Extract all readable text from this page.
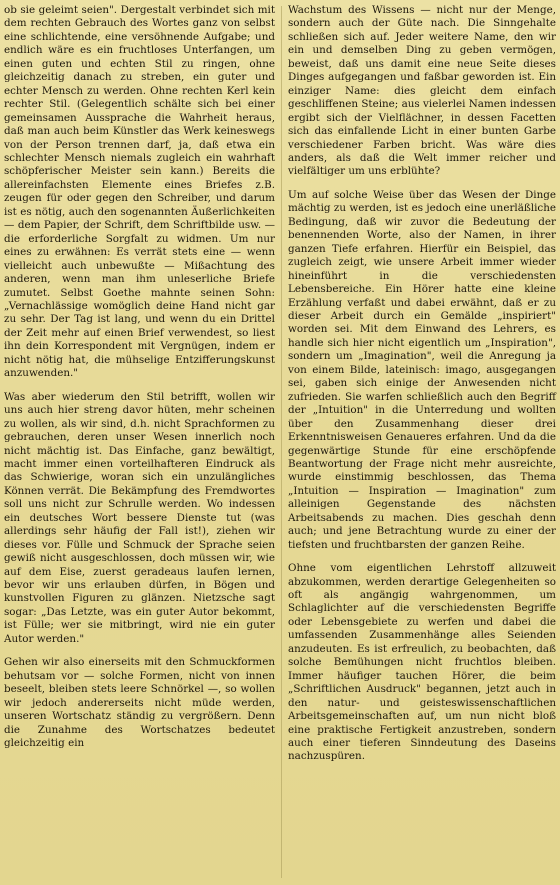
ob sie geleimt seien". Dergestalt verbindet sich mit dem rechten Gebrauch des Wortes ganz von selbst eine schlichtende, eine versöhnende Aufgabe; und endlich wäre es ein fruchtloses Unterfangen, um einen guten und echten Stil zu ringen, ohne gleichzeitig danach zu streben, ein guter und echter Mensch zu werden. Ohne rechten Kerl kein rechter Stil. (Gelegentlich schälte sich bei einer gemeinsamen Aussprache die Wahrheit heraus, daß man auch beim Künstler das Werk keineswegs von der Person trennen darf, ja, daß etwa ein schlechter Mensch niemals zugleich ein wahrhaft schöpferischer Meister sein kann.) Bereits die allereinfachsten Elemente eines Briefes z.B. zeugen für oder gegen den Schreiber, und darum ist es nötig, auch den sogenannten Äußerlichkeiten — dem Papier, der Schrift, dem Schriftbilde usw. — die erforderliche Sorgfalt zu widmen. Um nur eines zu erwähnen: Es verrät stets eine — wenn vielleicht auch unbewußte — Mißachtung des anderen, wenn man ihm unleserliche Briefe zumutet. Selbst Goethe mahnte seinen Sohn: „Vernachlässige womöglich deine Hand nicht gar zu sehr. Der Tag ist lang, und wenn du ein Drittel der Zeit mehr auf einen Brief verwendest, so liest ihn dein Korrespondent mit Vergnügen, indem er nicht nötig hat, die mühselige Entzifferungskunst anzuwenden."

Was aber wiederum den Stil betrifft, wollen wir uns auch hier streng davor hüten, mehr scheinen zu wollen, als wir sind, d.h. nicht Sprachformen zu gebrauchen, deren unser Wesen innerlich noch nicht mächtig ist. Das Einfache, ganz bewältigt, macht immer einen vorteilhafteren Eindruck als das Schwierige, woran sich ein unzulängliches Können verrät. Die Bekämpfung des Fremdwortes soll uns nicht zur Schrulle werden. Wo indessen ein deutsches Wort bessere Dienste tut (was allerdings sehr häufig der Fall ist!), ziehen wir dieses vor. Fülle und Schmuck der Sprache seien gewiß nicht ausgeschlossen, doch müssen wir, wie auf dem Eise, zuerst geradeaus laufen lernen, bevor wir uns erlauben dürfen, in Bögen und kunstvollen Figuren zu glänzen. Nietzsche sagt sogar: „Das Letzte, was ein guter Autor bekommt, ist Fülle; wer sie mitbringt, wird nie ein guter Autor werden."

Gehen wir also einerseits mit den Schmuckformen behutsam vor — solche Formen, nicht von innen beseelt, bleiben stets leere Schnörkel —, so wollen wir jedoch andererseits nicht müde werden, unseren Wortschatz ständig zu vergrößern. Denn die Zunahme des Wortschatzes bedeutet gleichzeitig ein

Wachstum des Wissens — nicht nur der Menge, sondern auch der Güte nach. Die Sinngehalte schließen sich auf. Jeder weitere Name, den wir ein und demselben Ding zu geben vermögen, beweist, daß uns damit eine neue Seite dieses Dinges aufgegangen und faßbar geworden ist. Ein einziger Name: dies gleicht dem einfach geschliffenen Steine; aus vielerlei Namen indessen ergibt sich der Vielflächner, in dessen Facetten sich das einfallende Licht in einer bunten Garbe verschiedener Farben bricht. Was wäre dies anders, als daß die Welt immer reicher und vielfältiger um uns erblühte?

Um auf solche Weise über das Wesen der Dinge mächtig zu werden, ist es jedoch eine unerläßliche Bedingung, daß wir zuvor die Bedeutung der benennenden Worte, also der Namen, in ihrer ganzen Tiefe erfahren. Hierfür ein Beispiel, das zugleich zeigt, wie unsere Arbeit immer wieder hineinführt in die verschiedensten Lebensbereiche. Ein Hörer hatte eine kleine Erzählung verfaßt und dabei erwähnt, daß er zu dieser Arbeit durch ein Gemälde „inspiriert" worden sei. Mit dem Einwand des Lehrers, es handle sich hier nicht eigentlich um „Inspiration", sondern um „Imagination", weil die Anregung ja von einem Bilde, lateinisch: imago, ausgegangen sei, gaben sich einige der Anwesenden nicht zufrieden. Sie warfen schließlich auch den Begriff der „Intuition" in die Unterredung und wollten über den Zusammenhang dieser drei Erkenntnisweisen Genaueres erfahren. Und da die gegenwärtige Stunde für eine erschöpfende Beantwortung der Frage nicht mehr ausreichte, wurde einstimmig beschlossen, das Thema „Intuition — Inspiration — Imagination" zum alleinigen Gegenstande des nächsten Arbeitsabends zu machen. Dies geschah denn auch; und jene Betrachtung wurde zu einer der tiefsten und fruchtbarsten der ganzen Reihe.

Ohne vom eigentlichen Lehrstoff allzuweit abzukommen, werden derartige Gelegenheiten so oft als angängig wahrgenommen, um Schlaglichter auf die verschiedensten Begriffe oder Lebensgebiete zu werfen und dabei die umfassenden Zusammenhänge alles Seienden anzudeuten. Es ist erfreulich, zu beobachten, daß solche Bemühungen nicht fruchtlos bleiben. Immer häufiger tauchen Hörer, die beim „Schriftlichen Ausdruck" begannen, jetzt auch in den natur- und geisteswissenschaftlichen Arbeitsgemeinschaften auf, um nun nicht bloß eine praktische Fertigkeit anzustreben, sondern auch einer tieferen Sinndeutung des Daseins nachzuspüren.
